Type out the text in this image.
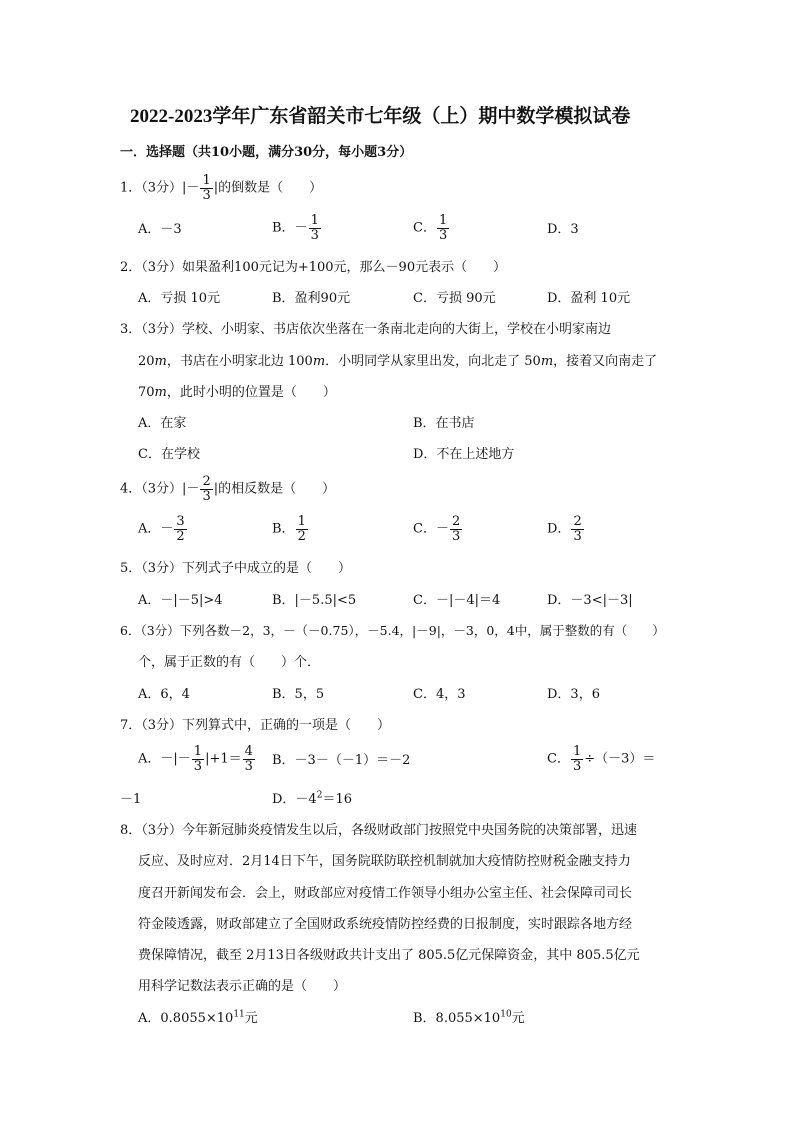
2022-2023学年广东省韶关市七年级（上）期中数学模拟试卷
一．选择题（共10小题，满分30分，每小题3分）
1．（3分）|－ $\frac{1}{3}$ |的倒数是（　　）
A．－3	B．－ $\frac{1}{3}$	C． $\frac{1}{3}$	D．3
2．（3分）如果盈利100元记为+100元，那么－90元表示（　　）
A．亏损 10元	B．盈利90元	C．亏损 90元	D．盈利 10元
3．（3分）学校、小明家、书店依次坐落在一条南北走向的大街上，学校在小明家南边
20m，书店在小明家北边 100m．小明同学从家里出发，向北走了 50m，接着又向南走了
70m，此时小明的位置是（　　）
A．在家	B．在书店
C．在学校	D．不在上述地方
4．（3分）|－ $\frac{2}{3}$ |的相反数是（　　）
A．－ $\frac{3}{2}$	B． $\frac{1}{2}$	C．－ $\frac{2}{3}$	D． $\frac{2}{3}$
5．（3分）下列式子中成立的是（　　）
A．－|－5|>4	B．|－5.5|<5	C．－|－4|＝4	D．－3<|－3|
6．（3分）下列各数－2，3，－（－0.75），－5.4，|－9|，－3，0，4中，属于整数的有（　　）
个，属于正数的有（　　）个．
A．6，4	B．5，5	C．4，3	D．3，6
7．（3分）下列算式中，正确的一项是（　　）
A．－|－ $\frac{1}{3} |+1= \frac{4}{3}$ B．－3－（－1）＝－2	C． $\frac{1}{3} \div(-3)=$
－1	D．$-4^2=16$
8．（3分）今年新冠肺炎疫情发生以后，各级财政部门按照党中央国务院的决策部署，迅速
反应、及时应对．2月14日下午，国务院联防联控机制就加大疫情防控财税金融支持力
度召开新闻发布会．会上，财政部应对疫情工作领导小组办公室主任、社会保障司司长
符金陵透露，财政部建立了全国财政系统疫情防控经费的日报制度，实时跟踪各地方经
费保障情况，截至 2月13日各级财政共计支出了 805.5亿元保障资金，其中 805.5亿元
用科学记数法表示正确的是（　　）
A．$0.8055\times 10^{11}$元	B．$8.055\times 10^{10}$元
